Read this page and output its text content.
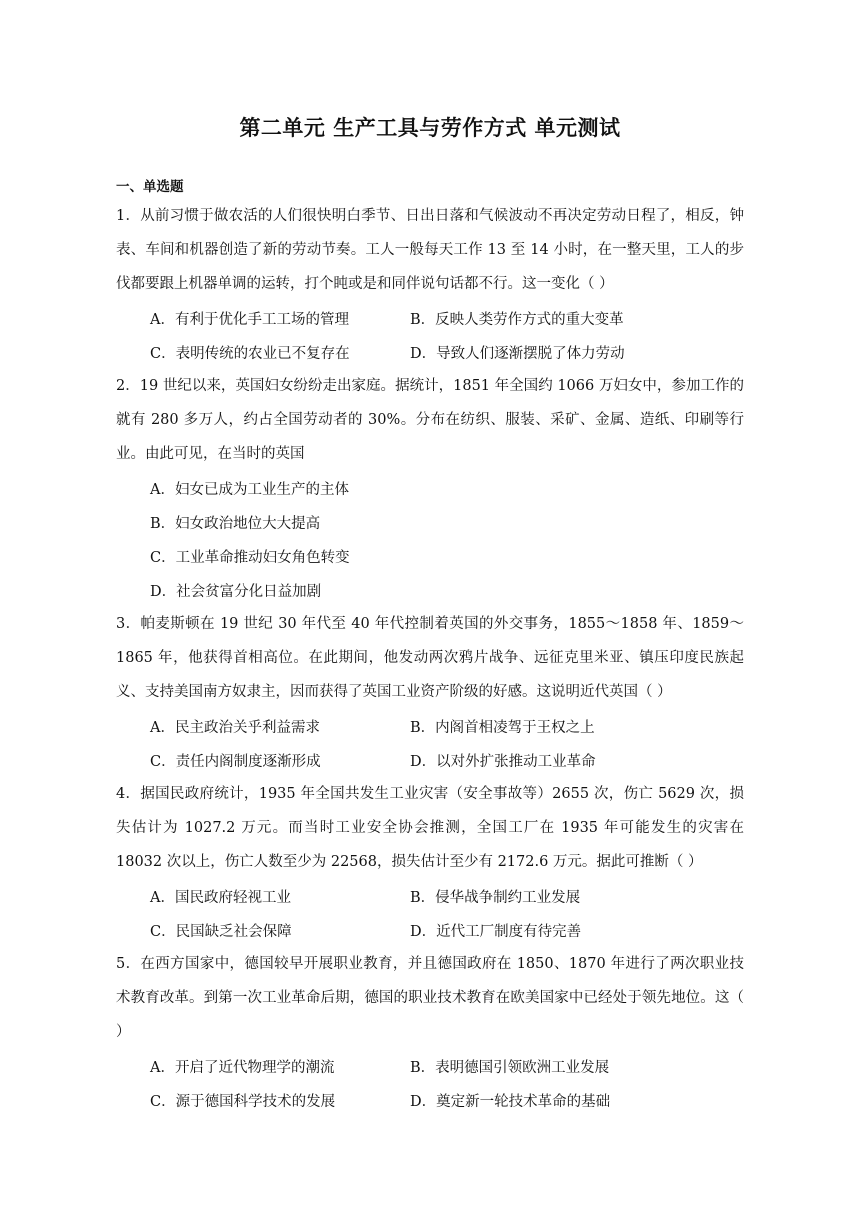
第二单元 生产工具与劳作方式 单元测试
一、单选题

1．从前习惯于做农活的人们很快明白季节、日出日落和气候波动不再决定劳动日程了，相反，钟表、车间和机器创造了新的劳动节奏。工人一般每天工作 13 至 14 小时，在一整天里，工人的步伐都要跟上机器单调的运转，打个盹或是和同伴说句话都不行。这一变化（ ）

A．有利于优化手工工场的管理	B．反映人类劳作方式的重大变革
C．表明传统的农业已不复存在	D．导致人们逐渐摆脱了体力劳动

2．19 世纪以来，英国妇女纷纷走出家庭。据统计，1851 年全国约 1066 万妇女中，参加工作的就有 280 多万人，约占全国劳动者的 30%。分布在纺织、服装、采矿、金属、造纸、印刷等行业。由此可见，在当时的英国

A．妇女已成为工业生产的主体
B．妇女政治地位大大提高
C．工业革命推动妇女角色转变
D．社会贫富分化日益加剧

3．帕麦斯顿在 19 世纪 30 年代至 40 年代控制着英国的外交事务，1855～1858 年、1859～1865 年，他获得首相高位。在此期间，他发动两次鸦片战争、远征克里米亚、镇压印度民族起义、支持美国南方奴隶主，因而获得了英国工业资产阶级的好感。这说明近代英国（ ）

A．民主政治关乎利益需求	B．内阁首相凌驾于王权之上
C．责任内阁制度逐渐形成	D．以对外扩张推动工业革命

4．据国民政府统计，1935 年全国共发生工业灾害（安全事故等）2655 次，伤亡 5629 次，损失估计为 1027.2 万元。而当时工业安全协会推测，全国工厂在 1935 年可能发生的灾害在 18032 次以上，伤亡人数至少为 22568，损失估计至少有 2172.6 万元。据此可推断（ ）

A．国民政府轻视工业	B．侵华战争制约工业发展
C．民国缺乏社会保障	D．近代工厂制度有待完善

5．在西方国家中，德国较早开展职业教育，并且德国政府在 1850、1870 年进行了两次职业技术教育改革。到第一次工业革命后期，德国的职业技术教育在欧美国家中已经处于领先地位。这（ ）

A．开启了近代物理学的潮流	B．表明德国引领欧洲工业发展
C．源于德国科学技术的发展	D．奠定新一轮技术革命的基础
